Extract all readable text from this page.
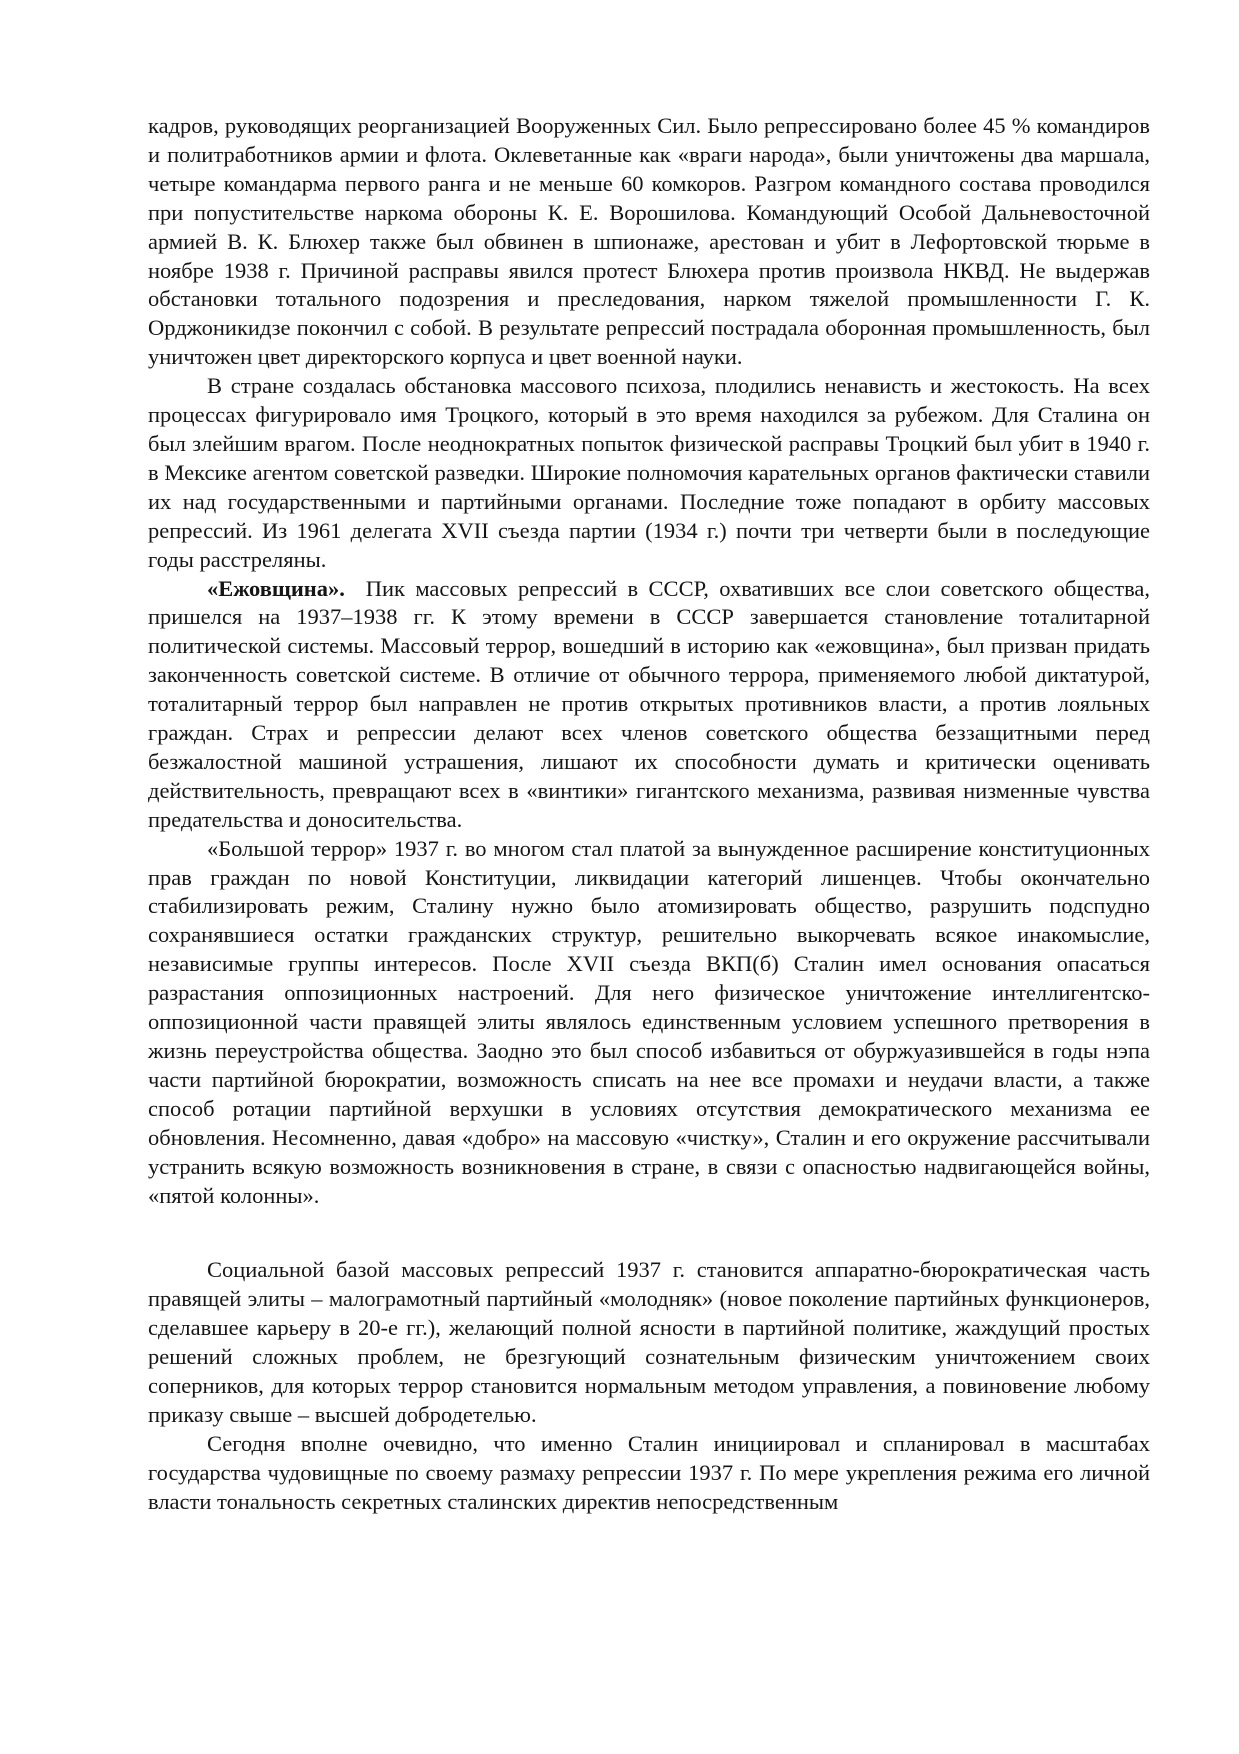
кадров, руководящих реорганизацией Вооруженных Сил. Было репрессировано более 45 % командиров и политработников армии и флота. Оклеветанные как «враги народа», были уничтожены два маршала, четыре командарма первого ранга и не меньше 60 комкоров. Разгром командного состава проводился при попустительстве наркома обороны К. Е. Ворошилова. Командующий Особой Дальневосточной армией В. К. Блюхер также был обвинен в шпионаже, арестован и убит в Лефортовской тюрьме в ноябре 1938 г. Причиной расправы явился протест Блюхера против произвола НКВД. Не выдержав обстановки тотального подозрения и преследования, нарком тяжелой промышленности Г. К. Орджоникидзе покончил с собой. В результате репрессий пострадала оборонная промышленность, был уничтожен цвет директорского корпуса и цвет военной науки.

В стране создалась обстановка массового психоза, плодились ненависть и жестокость. На всех процессах фигурировало имя Троцкого, который в это время находился за рубежом. Для Сталина он был злейшим врагом. После неоднократных попыток физической расправы Троцкий был убит в 1940 г. в Мексике агентом советской разведки. Широкие полномочия карательных органов фактически ставили их над государственными и партийными органами. Последние тоже попадают в орбиту массовых репрессий. Из 1961 делегата XVII съезда партии (1934 г.) почти три четверти были в последующие годы расстреляны.

«Ежовщина». Пик массовых репрессий в СССР, охвативших все слои советского общества, пришелся на 1937–1938 гг. К этому времени в СССР завершается становление тоталитарной политической системы. Массовый террор, вошедший в историю как «ежовщина», был призван придать законченность советской системе. В отличие от обычного террора, применяемого любой диктатурой, тоталитарный террор был направлен не против открытых противников власти, а против лояльных граждан. Страх и репрессии делают всех членов советского общества беззащитными перед безжалостной машиной устрашения, лишают их способности думать и критически оценивать действительность, превращают всех в «винтики» гигантского механизма, развивая низменные чувства предательства и доносительства.

«Большой террор» 1937 г. во многом стал платой за вынужденное расширение конституционных прав граждан по новой Конституции, ликвидации категорий лишенцев. Чтобы окончательно стабилизировать режим, Сталину нужно было атомизировать общество, разрушить подспудно сохранявшиеся остатки гражданских структур, решительно выкорчевать всякое инакомыслие, независимые группы интересов. После XVII съезда ВКП(б) Сталин имел основания опасаться разрастания оппозиционных настроений. Для него физическое уничтожение интеллигентско-оппозиционной части правящей элиты являлось единственным условием успешного претворения в жизнь переустройства общества. Заодно это был способ избавиться от обуржуазившейся в годы нэпа части партийной бюрократии, возможность списать на нее все промахи и неудачи власти, а также способ ротации партийной верхушки в условиях отсутствия демократического механизма ее обновления. Несомненно, давая «добро» на массовую «чистку», Сталин и его окружение рассчитывали устранить всякую возможность возникновения в стране, в связи с опасностью надвигающейся войны, «пятой колонны».

Социальной базой массовых репрессий 1937 г. становится аппаратно-бюрократическая часть правящей элиты – малограмотный партийный «молодняк» (новое поколение партийных функционеров, сделавшее карьеру в 20-е гг.), желающий полной ясности в партийной политике, жаждущий простых решений сложных проблем, не брезгующий сознательным физическим уничтожением своих соперников, для которых террор становится нормальным методом управления, а повиновение любому приказу свыше – высшей добродетелью.

Сегодня вполне очевидно, что именно Сталин инициировал и спланировал в масштабах государства чудовищные по своему размаху репрессии 1937 г. По мере укрепления режима его личной власти тональность секретных сталинских директив непосредственным
